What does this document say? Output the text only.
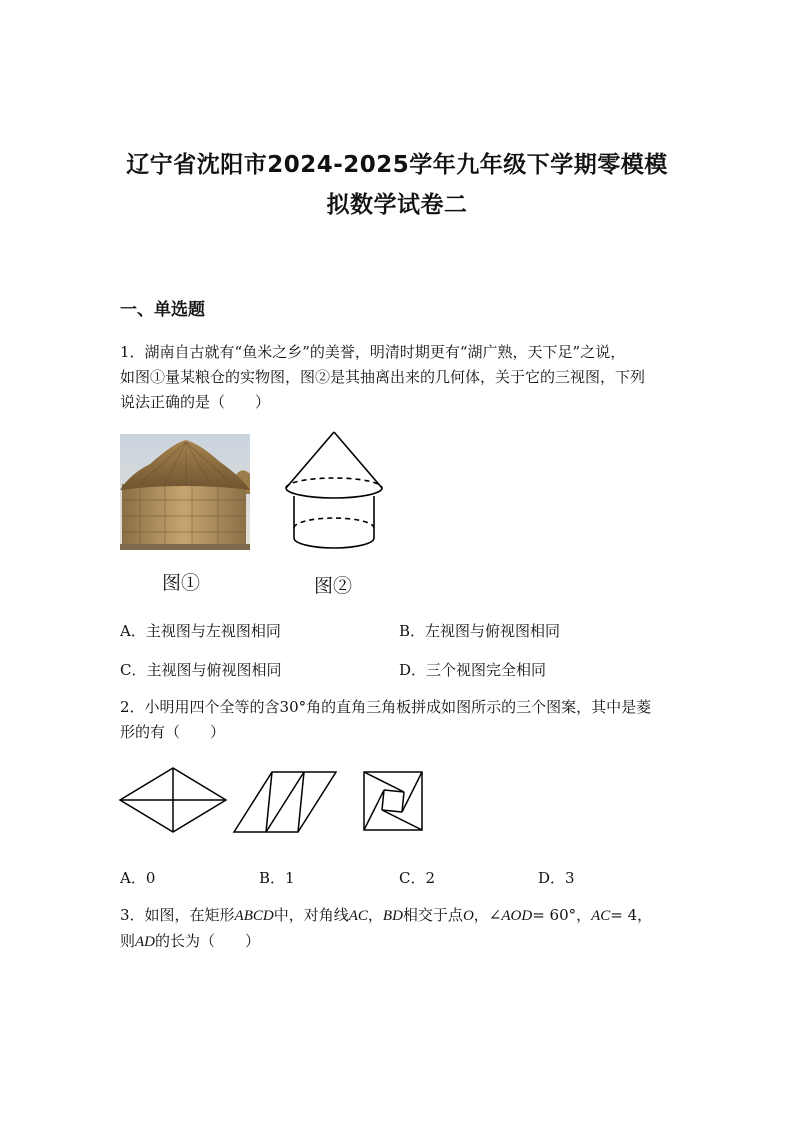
辽宁省沈阳市2024-2025学年九年级下学期零模模
拟数学试卷二
一、单选题
1．湖南自古就有“鱼米之乡”的美誉，明清时期更有“湖广熟，天下足”之说，
如图①量某粮仓的实物图，图②是其抽离出来的几何体，关于它的三视图，下列
说法正确的是（　　）
图①	图②
A．主视图与左视图相同	B．左视图与俯视图相同
C．主视图与俯视图相同	D．三个视图完全相同
2．小明用四个全等的含30°角的直角三角板拼成如图所示的三个图案，其中是菱
形的有（　　）
A．0	B．1	C．2	D．3
3．如图，在矩形ABCD中，对角线AC，BD相交于点O，∠AOD= 60°，AC= 4，
则AD的长为（　　）
